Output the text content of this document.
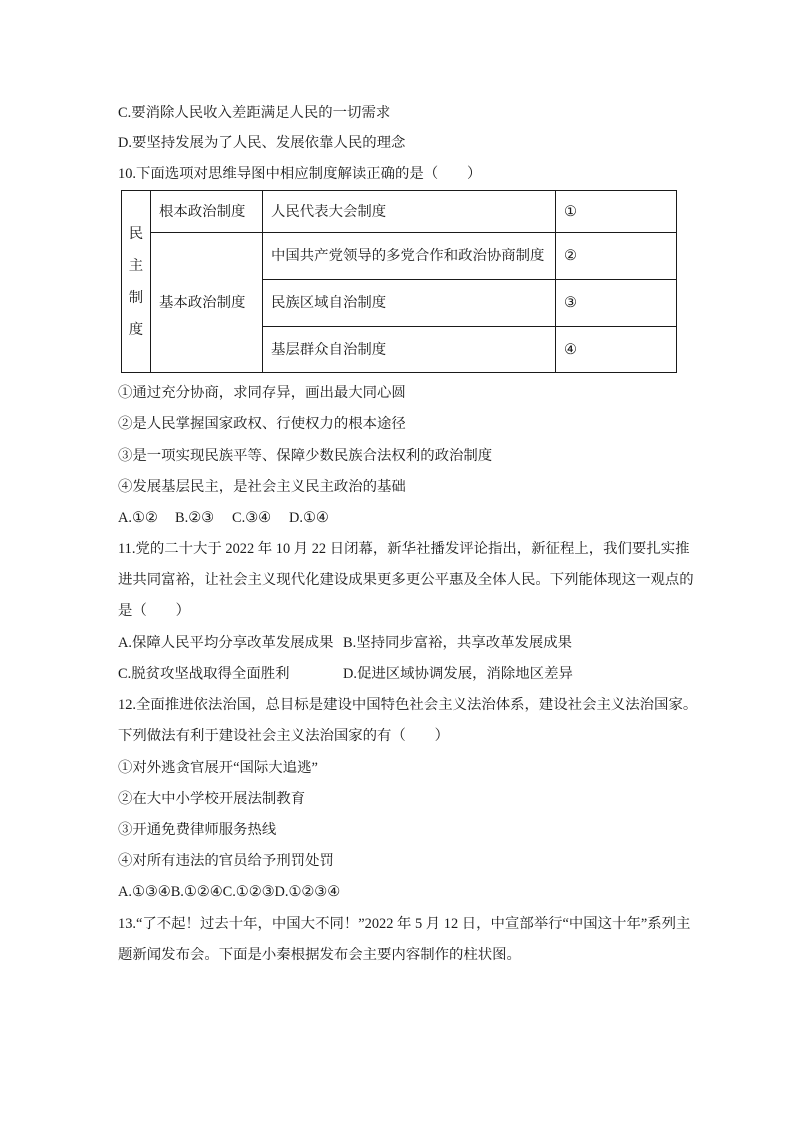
C.要消除人民收入差距满足人民的一切需求
D.要坚持发展为了人民、发展依靠人民的理念
10.下面选项对思维导图中相应制度解读正确的是（　　）
民主制度	根本政治制度	人民代表大会制度	①
	基本政治制度	中国共产党领导的多党合作和政治协商制度	②
		民族区域自治制度	③
		基层群众自治制度	④
①通过充分协商，求同存异，画出最大同心圆
②是人民掌握国家政权、行使权力的根本途径
③是一项实现民族平等、保障少数民族合法权利的政治制度
④发展基层民主，是社会主义民主政治的基础
A.①② B.②③ C.③④ D.①④
11.党的二十大于 2022 年 10 月 22 日闭幕，新华社播发评论指出，新征程上，我们要扎实推
进共同富裕，让社会主义现代化建设成果更多更公平惠及全体人民。下列能体现这一观点的
是（　　）
A.保障人民平均分享改革发展成果 B.坚持同步富裕，共享改革发展成果
C.脱贫攻坚战取得全面胜利	D.促进区域协调发展，消除地区差异
12.全面推进依法治国，总目标是建设中国特色社会主义法治体系，建设社会主义法治国家。
下列做法有利于建设社会主义法治国家的有（　　）
①对外逃贪官展开“国际大追逃”
②在大中小学校开展法制教育
③开通免费律师服务热线
④对所有违法的官员给予刑罚处罚
A.①③④B.①②④C.①②③D.①②③④
13.“了不起！过去十年，中国大不同！”2022 年 5 月 12 日，中宣部举行“中国这十年”系列主
题新闻发布会。下面是小秦根据发布会主要内容制作的柱状图。
